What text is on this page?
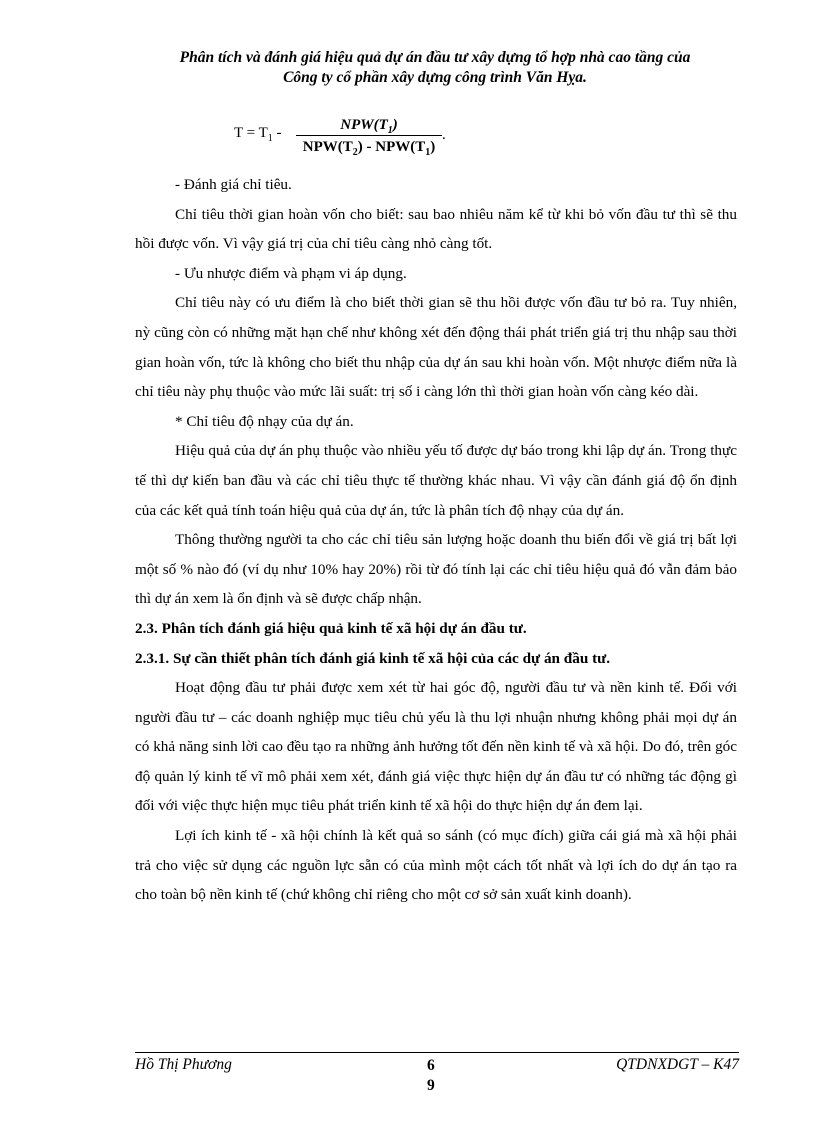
Phân tích và đánh giá hiệu quả dự án đầu tư xây dựng tổ hợp nhà cao tầng của
Công ty cổ phần xây dựng công trình Văn Hỵa.
$T = T_1$ -	$NPW(T_1)$
$NPW(T_2) - NPW(T_1)$
.

- Đánh giá chỉ tiêu.

Chỉ tiêu thời gian hoàn vốn cho biết: sau bao nhiêu năm kể từ khi bỏ vốn đầu tư thì sẽ thu hồi được vốn. Vì vậy giá trị của chỉ tiêu càng nhỏ càng tốt.

- Ưu nhược điểm và phạm vi áp dụng.

Chỉ tiêu này có ưu điểm là cho biết thời gian sẽ thu hồi được vốn đầu tư bỏ ra. Tuy nhiên, nỳ cũng còn có những mặt hạn chế như không xét đến động thái phát triển giá trị thu nhập sau thời gian hoàn vốn, tức là không cho biết thu nhập của dự án sau khi hoàn vốn. Một nhược điểm nữa là chỉ tiêu này phụ thuộc vào mức lãi suất: trị số i càng lớn thì thời gian hoàn vốn càng kéo dài.

* Chỉ tiêu độ nhạy của dự án.

Hiệu quả của dự án phụ thuộc vào nhiều yếu tố được dự báo trong khi lập dự án. Trong thực tế thì dự kiến ban đầu và các chỉ tiêu thực tế thường khác nhau. Vì vậy cần đánh giá độ ổn định của các kết quả tính toán hiệu quả của dự án, tức là phân tích độ nhạy của dự án.

Thông thường người ta cho các chỉ tiêu sản lượng hoặc doanh thu biến đổi về giá trị bất lợi một số % nào đó (ví dụ như 10% hay 20%) rồi từ đó tính lại các chỉ tiêu hiệu quả đó vẫn đảm bảo thì dự án xem là ổn định và sẽ được chấp nhận.

2.3. Phân tích đánh giá hiệu quả kinh tế xã hội dự án đầu tư.

2.3.1. Sự cần thiết phân tích đánh giá kinh tế xã hội của các dự án đầu tư.

Hoạt động đầu tư phải được xem xét từ hai góc độ, người đầu tư và nền kinh tế. Đối với người đầu tư – các doanh nghiệp mục tiêu chủ yếu là thu lợi nhuận nhưng không phải mọi dự án có khả năng sinh lời cao đều tạo ra những ảnh hưởng tốt đến nền kinh tế và xã hội. Do đó, trên góc độ quản lý kinh tế vĩ mô phải xem xét, đánh giá việc thực hiện dự án đầu tư có những tác động gì đối với việc thực hiện mục tiêu phát triển kinh tế xã hội do thực hiện dự án đem lại.

Lợi ích kinh tế - xã hội chính là kết quả so sánh (có mục đích) giữa cái giá mà xã hội phải trả cho việc sử dụng các nguồn lực sẵn có của mình một cách tốt nhất và lợi ích do dự án tạo ra cho toàn bộ nền kinh tế (chứ không chỉ riêng cho một cơ sở sản xuất kinh doanh).

Hồ Thị Phương	6
9
QTDNXDGT – K47
